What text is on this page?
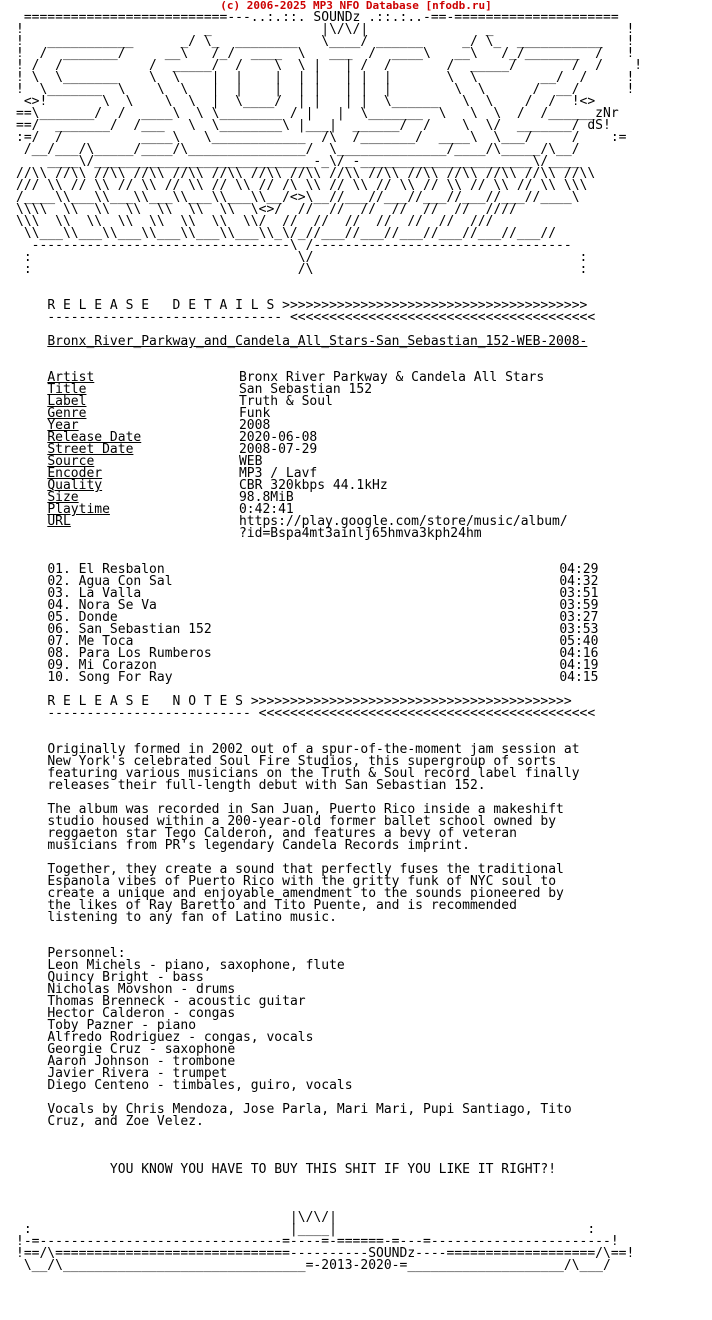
(c) 2006-2025 MP3 NFO Database [nfodb.ru]
==========================---..:.::. SOUNDz .::.:..-==-=====================
!                       _              |\/\/|               _                 !
!   ___________      _/ \_  ________   \____/ ______     _/ \_  ___________   !
!  /  _______/     __\   /_/  ____  \   ___  /  ____\   __\   /_/_______  /   !
! /  /           /  _____/  /    \  \ |   | /  /       /  _____/       /  /    !
! \  \_______    \  \    |  |    |  | |   | |  |       \  \        __/  /     !
!  \_______  \    \  \   |  |    |  | |   | |  |        \  \      /  __/      !
<>!       \  \    \  \  |  \____/  | |   | |  \______   \  \    /  /  !<>
==\_______/  /  ____\  \ \________ / |   |  \_______  \   \  \  /  /______zNr
==/  _______/  /___   \  \________\ |___|  ______/  /    \  \/  _______/ dS!
:=/  /          ____\   \____________  /\  /_______/  ____\  \___/     /    :=
/__/___/\_____/____/\_______________/  \______________/____/\_____/\__/
____\/____________________________-_\/_-______________________\/____
//\\ //\\ //\\ //\\ //\\ //\\ //\\ //\\ //\\ //\\ //\\ //\\ //\\ //\\ //\\
/// \\ // \\ // \\ // \\ // \\ // /\ \\ // \\ // \\ // \\ // \\ // \\ \\\
/____\\___\\___\\___\\___\\___\\__/<>\__//___//___//___//___//___//____\
\\\\  \\  \\  \\  \\  \\  \\  \<>/  //  //  //  //  //  //  ////
\\\  \\  \\  \\  \\  \\  \\  \\/  //  //  //  //  //  //  ///
\\___\\___\\___\\___\\___\\___\\_\/_//___//___//___//___//___//___//
---------------------------------\ /---------------------------------
:                                  \/                                  :
:                                  /\                                  :
R E L E A S E   D E T A I L S >>>>>>>>>>>>>>>>>>>>>>>>>>>>>>>>>>>>>>>
------------------------------ <<<<<<<<<<<<<<<<<<<<<<<<<<<<<<<<<<<<<<<
Bronx_River_Parkway_and_Candela_All_Stars-San_Sebastian_152-WEB-2008-
Artist	Bronx River Parkway & Candela All Stars
Title	San Sebastian 152
Label	Truth & Soul
Genre	Funk
Year	2008
Release Date	2020-06-08
Street Date	2008-07-29
Source	WEB
Encoder	MP3 / Lavf
Quality	CBR 320kbps 44.1kHz
Size	98.8MiB
Playtime	0:42:41
URL	https://play.google.com/store/music/album/
?id=Bspa4mt3ainlj65hmva3kph24hm
01. El Resbalon	04:29
02. Agua Con Sal	04:32
03. La Valla	03:51
04. Nora Se Va	03:59
05. Donde	03:27
06. San Sebastian 152	03:53
07. Me Toca	05:40
08. Para Los Rumberos	04:16
09. Mi Corazon	04:19
10. Song For Ray	04:15
R E L E A S E   N O T E S >>>>>>>>>>>>>>>>>>>>>>>>>>>>>>>>>>>>>>>>>
-------------------------- <<<<<<<<<<<<<<<<<<<<<<<<<<<<<<<<<<<<<<<<<<<
Originally formed in 2002 out of a spur-of-the-moment jam session at
New York's celebrated Soul Fire Studios, this supergroup of sorts
featuring various musicians on the Truth & Soul record label finally
releases their full-length debut with San Sebastian 152.
The album was recorded in San Juan, Puerto Rico inside a makeshift
studio housed within a 200-year-old former ballet school owned by
reggaeton star Tego Calderon, and features a bevy of veteran
musicians from PR's legendary Candela Records imprint.
Together, they create a sound that perfectly fuses the traditional
Espanola vibes of Puerto Rico with the gritty funk of NYC soul to
create a unique and enjoyable amendment to the sounds pioneered by
the likes of Ray Baretto and Tito Puente, and is recommended
listening to any fan of Latino music.
Personnel:
Leon Michels - piano, saxophone, flute
Quincy Bright - bass
Nicholas Movshon - drums
Thomas Brenneck - acoustic guitar
Hector Calderon - congas
Toby Pazner - piano
Alfredo Rodriguez - congas, vocals
Georgie Cruz - saxophone
Aaron Johnson - trombone
Javier Rivera - trumpet
Diego Centeno - timbales, guiro, vocals
Vocals by Chris Mendoza, Jose Parla, Mari Mari, Pupi Santiago, Tito
Cruz, and Zoe Velez.
YOU KNOW YOU HAVE TO BUY THIS SHIT IF YOU LIKE IT RIGHT?!
|\/\/|
:                                 |____|                                :
!-=-------------------------------=----=-======-=---=-----------------------!
!==/\==============================----------SOUNDz----===================/\==!
\__/\_______________________________=-2013-2020-=____________________/\___/
